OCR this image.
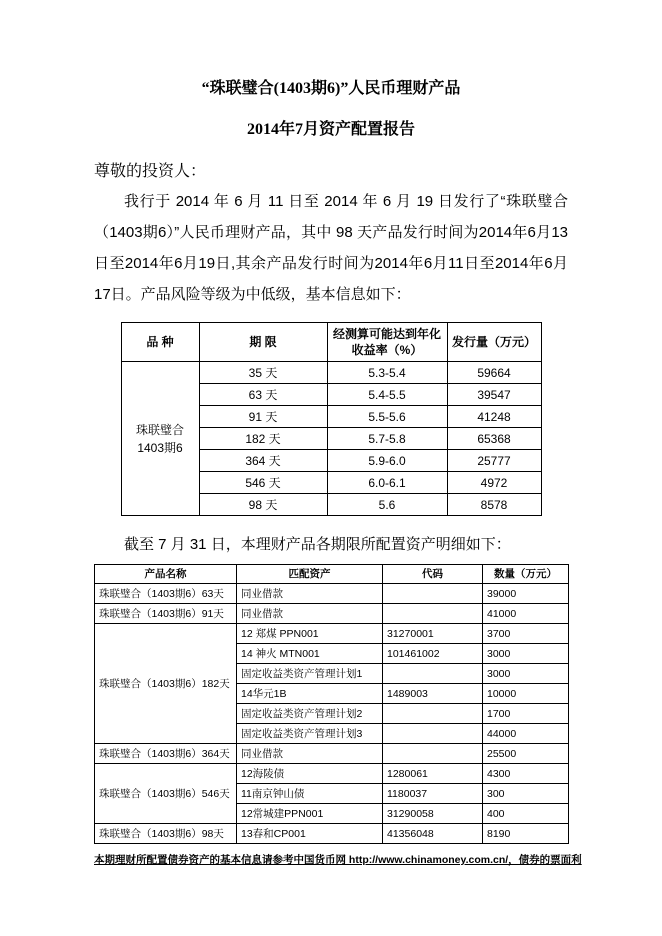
“珠联璧合(1403期6)”人民币理财产品
2014年7月资产配置报告

尊敬的投资人：

我行于 2014 年 6 月 11 日至 2014 年 6 月 19 日发行了“珠联璧合（1403期6）”人民币理财产品，其中 98 天产品发行时间为2014年6月13日至2014年6月19日,其余产品发行时间为2014年6月11日至2014年6月17日。产品风险等级为中低级，基本信息如下：

品 种	期 限	经测算可能达到年化收益率（%）	发行量（万元）
珠联璧合 1403期6	35 天	5.3-5.4	59664
	63 天	5.4-5.5	39547
	91 天	5.5-5.6	41248
	182 天	5.7-5.8	65368
	364 天	5.9-6.0	25777
	546 天	6.0-6.1	4972
	98 天	5.6	8578

截至 7 月 31 日，本理财产品各期限所配置资产明细如下：

产品名称	匹配资产	代码	数量（万元）
珠联璧合（1403期6）63天	同业借款		39000
珠联璧合（1403期6）91天	同业借款		41000
珠联璧合（1403期6）182天	12 郑煤 PPN001	31270001	3700
	14 神火 MTN001	101461002	3000
	固定收益类资产管理计划1		3000
	14华元1B	1489003	10000
	固定收益类资产管理计划2		1700
	固定收益类资产管理计划3		44000
珠联璧合（1403期6）364天	同业借款		25500
珠联璧合（1403期6）546天	12海陵债	1280061	4300
	11南京钟山债	1180037	300
	12常城建PPN001	31290058	400
珠联璧合（1403期6）98天	13春和CP001	41356048	8190

本期理财所配置债券资产的基本信息请参考中国货币网 http://www.chinamoney.com.cn/，债券的票面利
